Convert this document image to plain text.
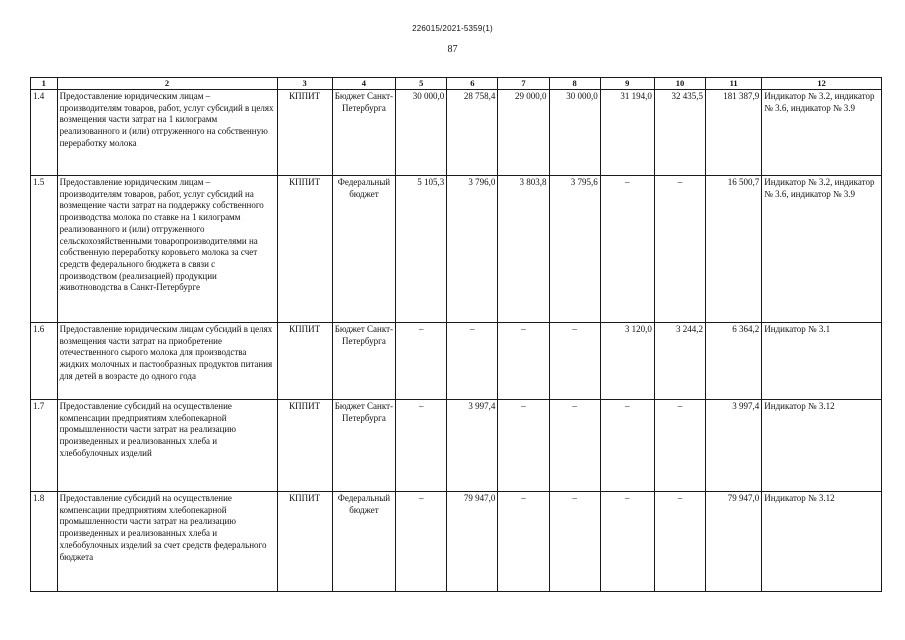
226015/2021-5359(1)
87
1	2	3	4	5	6	7	8	9	10	11	12
1.4	Предоставление юридическим лицам – производителям товаров, работ, услуг субсидий в целях возмещения части затрат на 1 килограмм реализованного и (или) отгруженного на собственную переработку молока	КППИТ	Бюджет Санкт-Петербурга	30 000,0	28 758,4	29 000,0	30 000,0	31 194,0	32 435,5	181 387,9	Индикатор № 3.2, индикатор № 3.6, индикатор № 3.9
1.5	Предоставление юридическим лицам – производителям товаров, работ, услуг субсидий на возмещение части затрат на поддержку собственного производства молока по ставке на 1 килограмм реализованного и (или) отгруженного сельскохозяйственными товаропроизводителями на собственную переработку коровьего молока за счет средств федерального бюджета в связи с производством (реализацией) продукции животноводства в Санкт-Петербурге	КППИТ	Федеральный бюджет	5 105,3	3 796,0	3 803,8	3 795,6	–	–	16 500,7	Индикатор № 3.2, индикатор № 3.6, индикатор № 3.9
1.6	Предоставление юридическим лицам субсидий в целях возмещения части затрат на приобретение отечественного сырого молока для производства жидких молочных и пастообразных продуктов питания для детей в возрасте до одного года	КППИТ	Бюджет Санкт-Петербурга	–	–	–	–	3 120,0	3 244,2	6 364,2	Индикатор № 3.1
1.7	Предоставление субсидий на осуществление компенсации предприятиям хлебопекарной промышленности части затрат на реализацию произведенных и реализованных хлеба и хлебобулочных изделий	КППИТ	Бюджет Санкт-Петербурга	–	3 997,4	–	–	–	–	3 997,4	Индикатор № 3.12
1.8	Предоставление субсидий на осуществление компенсации предприятиям хлебопекарной промышленности части затрат на реализацию произведенных и реализованных хлеба и хлебобулочных изделий за счет средств федерального бюджета	КППИТ	Федеральный бюджет	–	79 947,0	–	–	–	–	79 947,0	Индикатор № 3.12
